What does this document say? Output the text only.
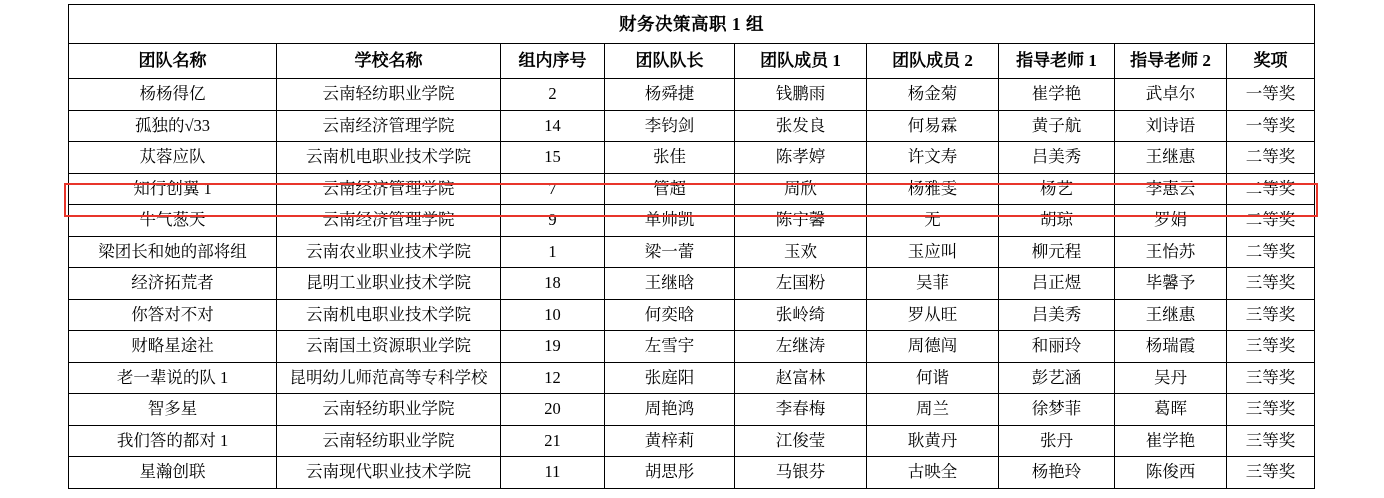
财务决策高职 1 组								
团队名称	学校名称	组内序号	团队队长	团队成员 1	团队成员 2	指导老师 1	指导老师 2	奖项
杨杨得亿	云南轻纺职业学院	2	杨舜捷	钱鹏雨	杨金菊	崔学艳	武卓尔	一等奖
孤独的√33	云南经济管理学院	14	李钧剑	张发良	何易霖	黄子航	刘诗语	一等奖
苁蓉应队	云南机电职业技术学院	15	张佳	陈孝婷	许文寿	吕美秀	王继惠	二等奖
知行创翼 1	云南经济管理学院	7	管超	周欣	杨雅雯	杨艺	李惠云	二等奖
牛气葱天	云南经济管理学院	9	单帅凯	陈宇馨	无	胡琼	罗娟	二等奖
梁团长和她的部将组	云南农业职业技术学院	1	梁一蕾	玉欢	玉应叫	柳元程	王怡苏	二等奖
经济拓荒者	昆明工业职业技术学院	18	王继晗	左国粉	吴菲	吕正煜	毕馨予	三等奖
你答对不对	云南机电职业技术学院	10	何奕晗	张岭绮	罗从旺	吕美秀	王继惠	三等奖
财略星途社	云南国土资源职业学院	19	左雪宇	左继涛	周德闯	和丽玲	杨瑞霞	三等奖
老一辈说的队 1	昆明幼儿师范高等专科学校	12	张庭阳	赵富林	何谐	彭艺涵	吴丹	三等奖
智多星	云南轻纺职业学院	20	周艳鸿	李春梅	周兰	徐梦菲	葛晖	三等奖
我们答的都对 1	云南轻纺职业学院	21	黄梓莉	江俊莹	耿黄丹	张丹	崔学艳	三等奖
星瀚创联	云南现代职业技术学院	11	胡思彤	马银芬	古映全	杨艳玲	陈俊西	三等奖
